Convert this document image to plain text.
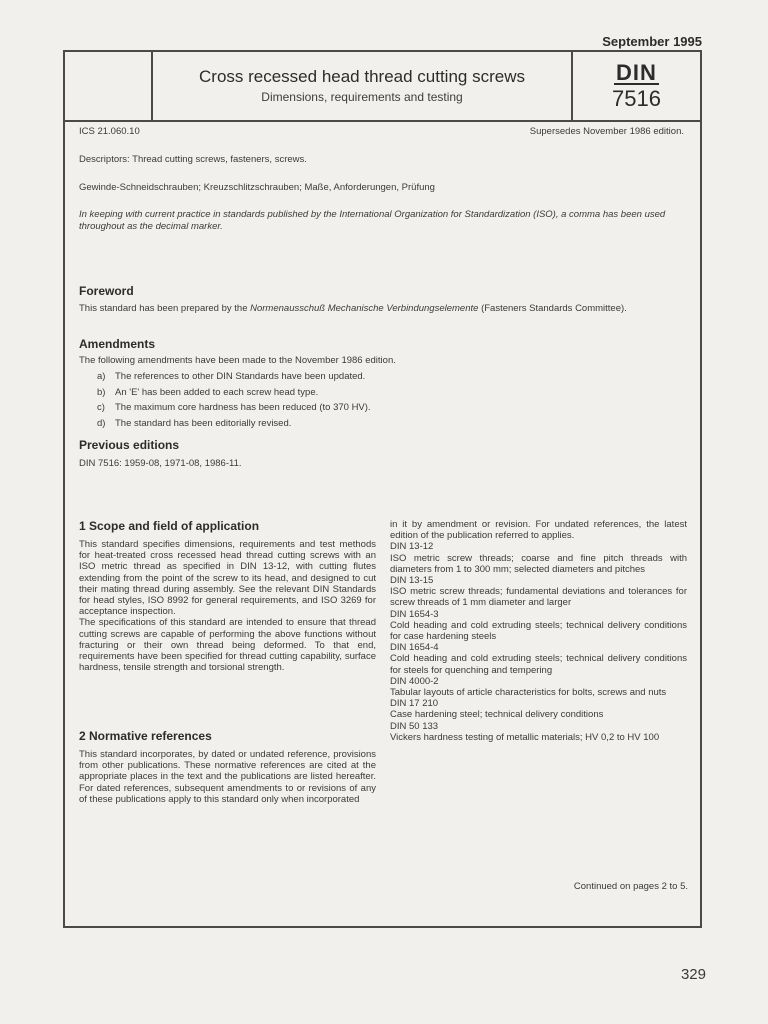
September 1995
Cross recessed head thread cutting screws
Dimensions, requirements and testing
DIN
7516
ICS 21.060.10	Supersedes November 1986 edition.
Descriptors: Thread cutting screws, fasteners, screws.
Gewinde-Schneidschrauben; Kreuzschlitzschrauben; Maße, Anforderungen, Prüfung
In keeping with current practice in standards published by the International Organization for Standardization (ISO), a comma has been used throughout as the decimal marker.
Foreword
This standard has been prepared by the Normenausschuß Mechanische Verbindungselemente (Fasteners Standards Committee).
Amendments
The following amendments have been made to the November 1986 edition.
a) The references to other DIN Standards have been updated.
b) An 'E' has been added to each screw head type.
c) The maximum core hardness has been reduced (to 370 HV).
d) The standard has been editorially revised.
Previous editions
DIN 7516: 1959-08, 1971-08, 1986-11.
1 Scope and field of application

This standard specifies dimensions, requirements and test methods for heat-treated cross recessed head thread cutting screws with an ISO metric thread as specified in DIN 13-12, with cutting flutes extending from the point of the screw to its head, and designed to cut their mating thread during assembly. See the relevant DIN Standards for head styles, ISO 8992 for general requirements, and ISO 3269 for acceptance inspection.

The specifications of this standard are intended to ensure that thread cutting screws are capable of performing the above functions without fracturing or their own thread being deformed. To that end, requirements have been specified for thread cutting capability, surface hardness, tensile strength and torsional strength.

2 Normative references
This standard incorporates, by dated or undated reference, provisions from other publications. These normative references are cited at the appropriate places in the text and the publications are listed hereafter. For dated references, subsequent amendments to or revisions of any of these publications apply to this standard only when incorporated

in it by amendment or revision. For undated references, the latest edition of the publication referred to applies.

DIN 13-12

ISO metric screw threads; coarse and fine pitch threads with diameters from 1 to 300 mm; selected diameters and pitches

DIN 13-15

ISO metric screw threads; fundamental deviations and tolerances for screw threads of 1 mm diameter and larger

DIN 1654-3

Cold heading and cold extruding steels; technical delivery conditions for case hardening steels

DIN 1654-4

Cold heading and cold extruding steels; technical delivery conditions for steels for quenching and tempering

DIN 4000-2

Tabular layouts of article characteristics for bolts, screws and nuts

DIN 17 210

Case hardening steel; technical delivery conditions

DIN 50 133

Vickers hardness testing of metallic materials; HV 0,2 to HV 100

Continued on pages 2 to 5.
329
